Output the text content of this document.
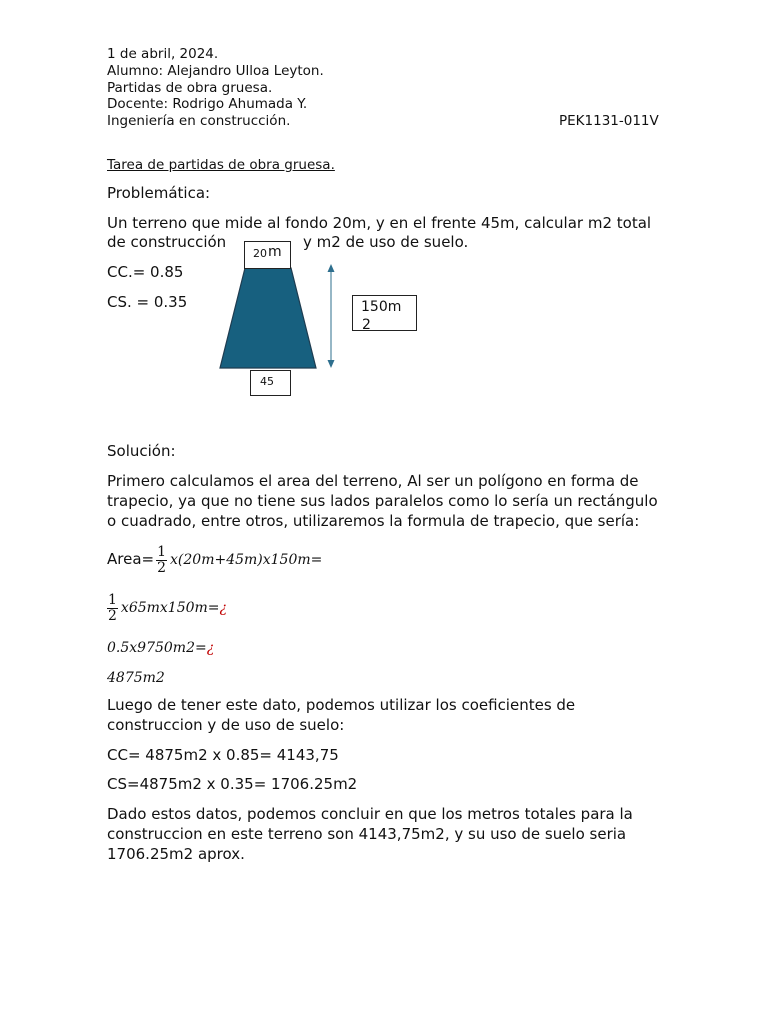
1 de abril, 2024.
Alumno: Alejandro Ulloa Leyton.
Partidas de obra gruesa.
Docente: Rodrigo Ahumada Y.
Ingeniería en construcción.	PEK1131-011V
Tarea de partidas de obra gruesa.
Problemática:
Un terreno que mide al fondo 20m, y en el frente 45m, calcular m2 total
de construcción	y m2 de uso de suelo.
CC.= 0.85
CS. = 0.35
20 m
150m
2
45
Solución:
Primero calculamos el area del terreno, Al ser un polígono en forma de
trapecio, ya que no tiene sus lados paralelos como lo sería un rectángulo
o cuadrado, entre otros, utilizaremos la formula de trapecio, que sería:
Area= $\frac{1}{2} x(20m+45m)x150m=$
$\frac{1}{2} x65mx150m=$ ¿
0.5x9750m2=¿
4875m2
Luego de tener este dato, podemos utilizar los coeficientes de
construccion y de uso de suelo:
CC= 4875m2 x 0.85= 4143,75
CS=4875m2 x 0.35= 1706.25m2
Dado estos datos, podemos concluir en que los metros totales para la
construccion en este terreno son 4143,75m2, y su uso de suelo seria
1706.25m2 aprox.
